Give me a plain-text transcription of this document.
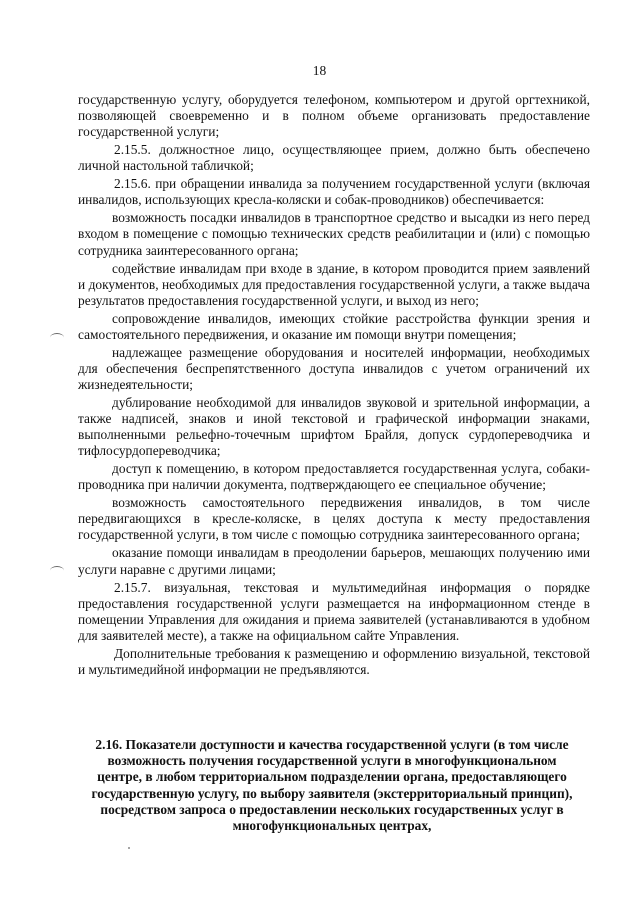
18

государственную услугу, оборудуется телефоном, компьютером и другой оргтехникой, позволяющей своевременно и в полном объеме организовать предоставление государственной услуги;

2.15.5. должностное лицо, осуществляющее прием, должно быть обеспечено личной настольной табличкой;

2.15.6. при обращении инвалида за получением государственной услуги (включая инвалидов, использующих кресла-коляски и собак-проводников) обеспечивается:

возможность посадки инвалидов в транспортное средство и высадки из него перед входом в помещение с помощью технических средств реабилитации и (или) с помощью сотрудника заинтересованного органа;

содействие инвалидам при входе в здание, в котором проводится прием заявлений и документов, необходимых для предоставления государственной услуги, а также выдача результатов предоставления государственной услуги, и выход из него;

сопровождение инвалидов, имеющих стойкие расстройства функции зрения и самостоятельного передвижения, и оказание им помощи внутри помещения;

надлежащее размещение оборудования и носителей информации, необходимых для обеспечения беспрепятственного доступа инвалидов с учетом ограничений их жизнедеятельности;

дублирование необходимой для инвалидов звуковой и зрительной информации, а также надписей, знаков и иной текстовой и графической информации знаками, выполненными рельефно-точечным шрифтом Брайля, допуск сурдопереводчика и тифлосурдопереводчика;

доступ к помещению, в котором предоставляется государственная услуга, собаки-проводника при наличии документа, подтверждающего ее специальное обучение;

возможность самостоятельного передвижения инвалидов, в том числе передвигающихся в кресле-коляске, в целях доступа к месту предоставления государственной услуги, в том числе с помощью сотрудника заинтересованного органа;

оказание помощи инвалидам в преодолении барьеров, мешающих получению ими услуги наравне с другими лицами;

2.15.7. визуальная, текстовая и мультимедийная информация о порядке предоставления государственной услуги размещается на информационном стенде в помещении Управления для ожидания и приема заявителей (устанавливаются в удобном для заявителей месте), а также на официальном сайте Управления.

Дополнительные требования к размещению и оформлению визуальной, текстовой и мультимедийной информации не предъявляются.

2.16. Показатели доступности и качества государственной услуги (в том числе возможность получения государственной услуги в многофункциональном центре, в любом территориальном подразделении органа, предоставляющего государственную услугу, по выбору заявителя (экстерриториальный принцип), посредством запроса о предоставлении нескольких государственных услуг в многофункциональных центрах,
